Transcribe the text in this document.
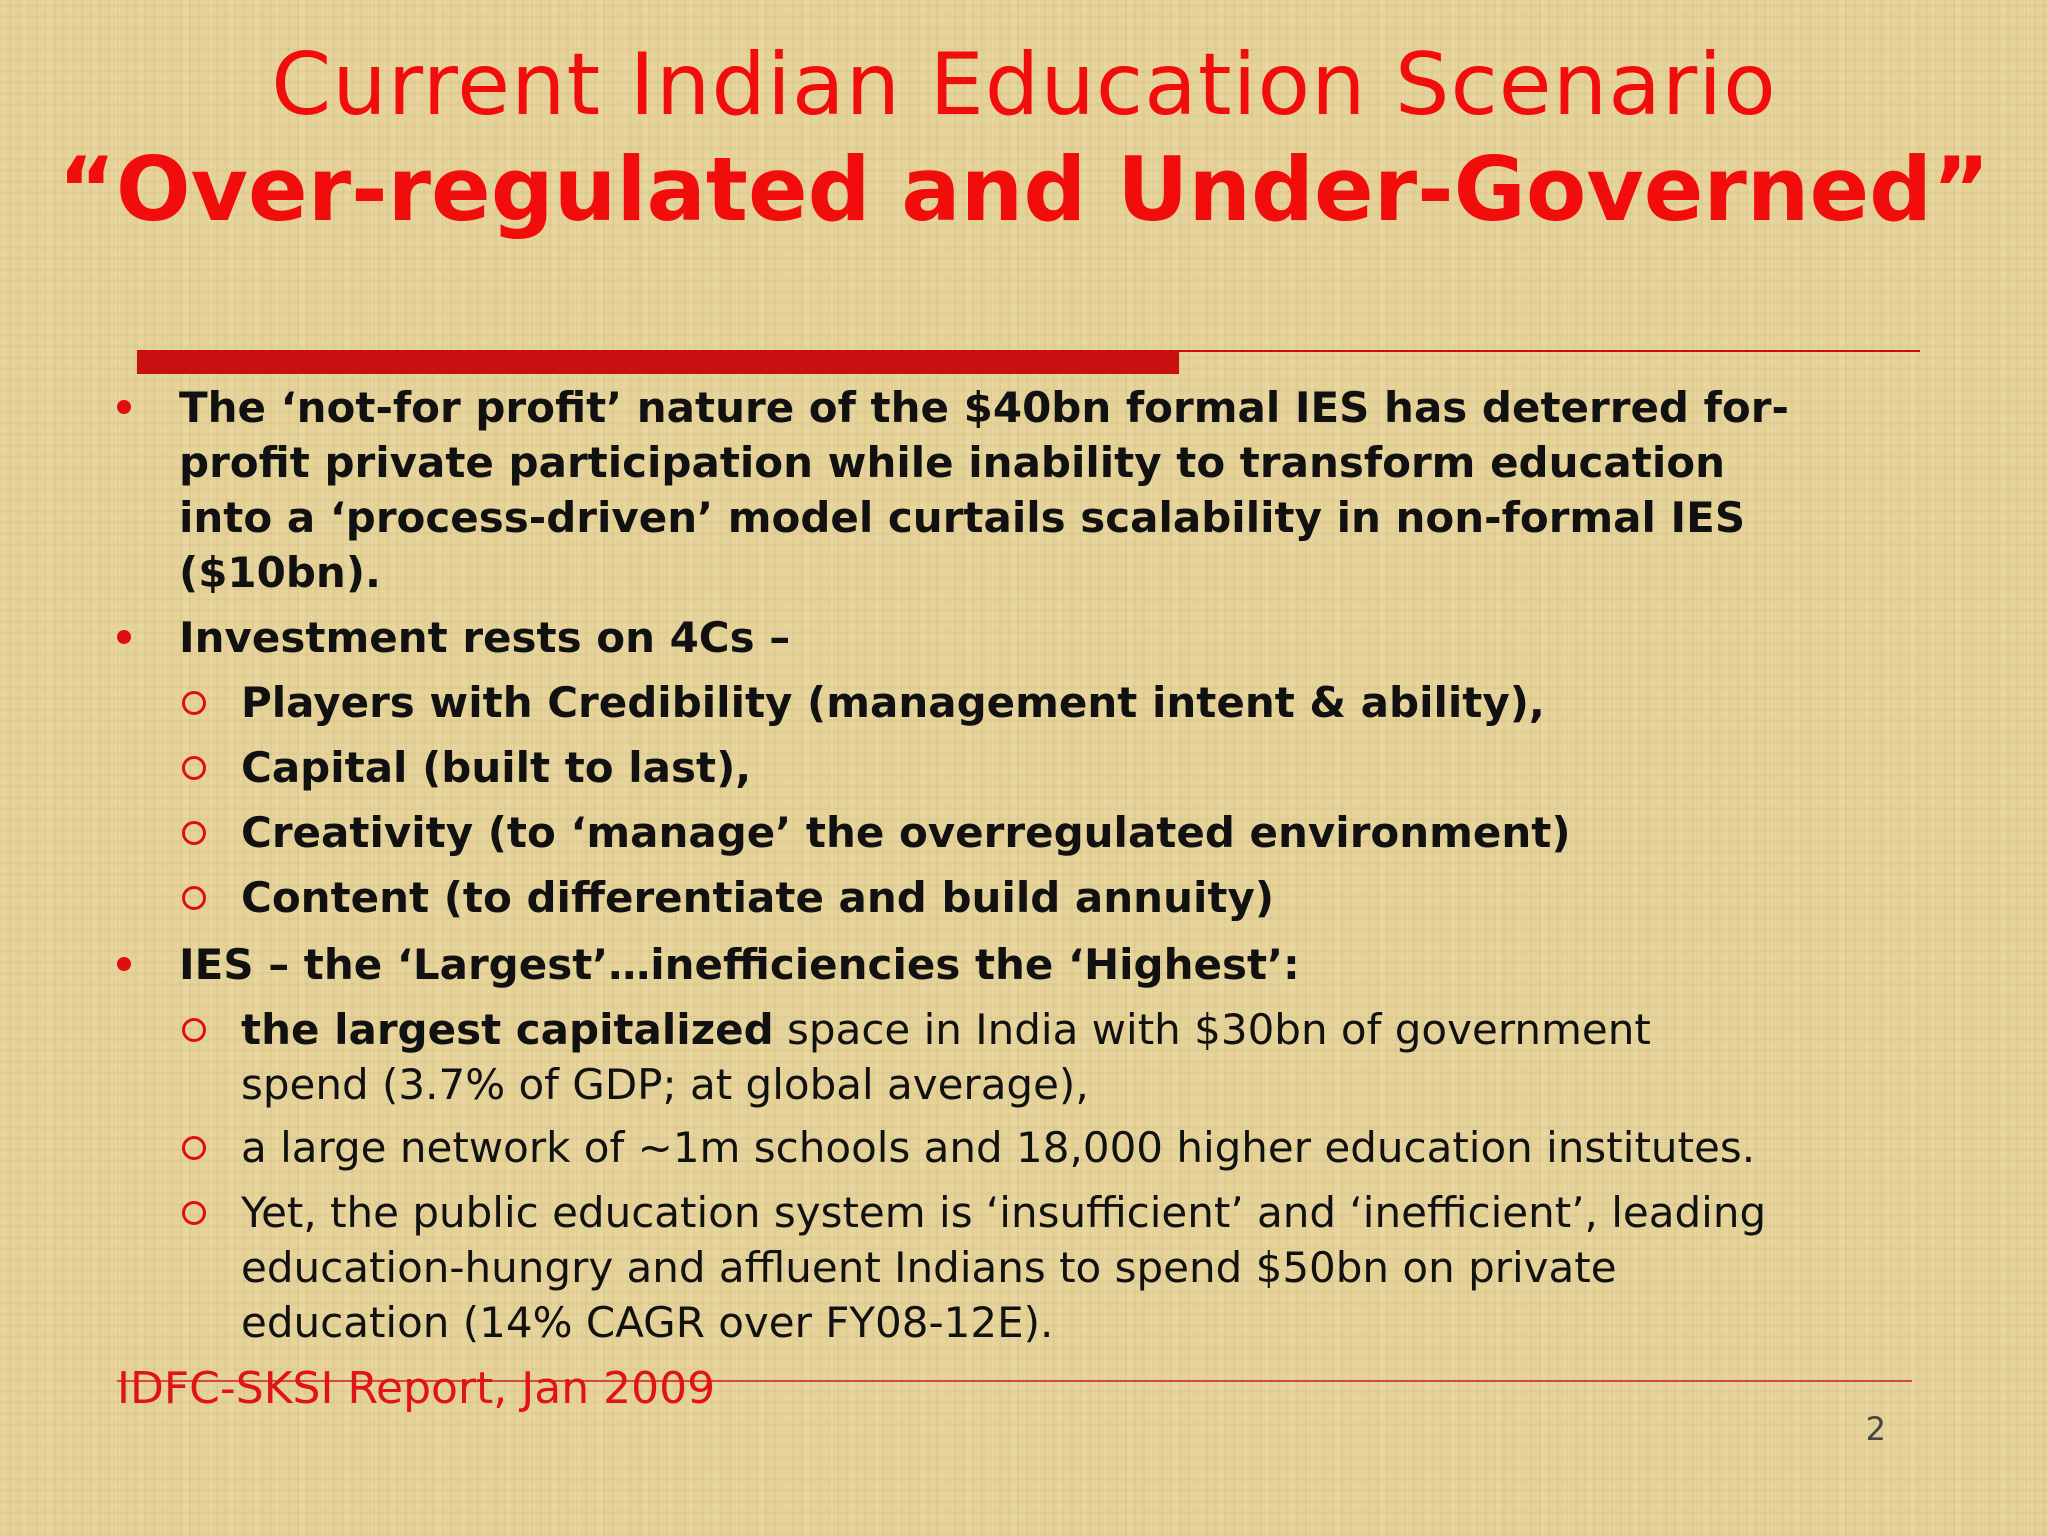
Current Indian Education Scenario
“Over-regulated and Under-Governed”
The ‘not-for profit’ nature of the $40bn formal IES has deterred for-
profit private participation while inability to transform education
into a ‘process-driven’ model curtails scalability in non-formal IES
($10bn).
Investment rests on 4Cs –
Players with Credibility (management intent & ability),
Capital (built to last),
Creativity (to ‘manage’ the overregulated environment)
Content (to differentiate and build annuity)
IES – the ‘Largest’…inefficiencies the ‘Highest’:
the largest capitalized space in India with $30bn of government
spend (3.7% of GDP; at global average),
a large network of ~1m schools and 18,000 higher education institutes.
Yet, the public education system is ‘insufficient’ and ‘inefficient’, leading
education-hungry and affluent Indians to spend $50bn on private
education (14% CAGR over FY08-12E).
IDFC-SKSI Report, Jan 2009
2
